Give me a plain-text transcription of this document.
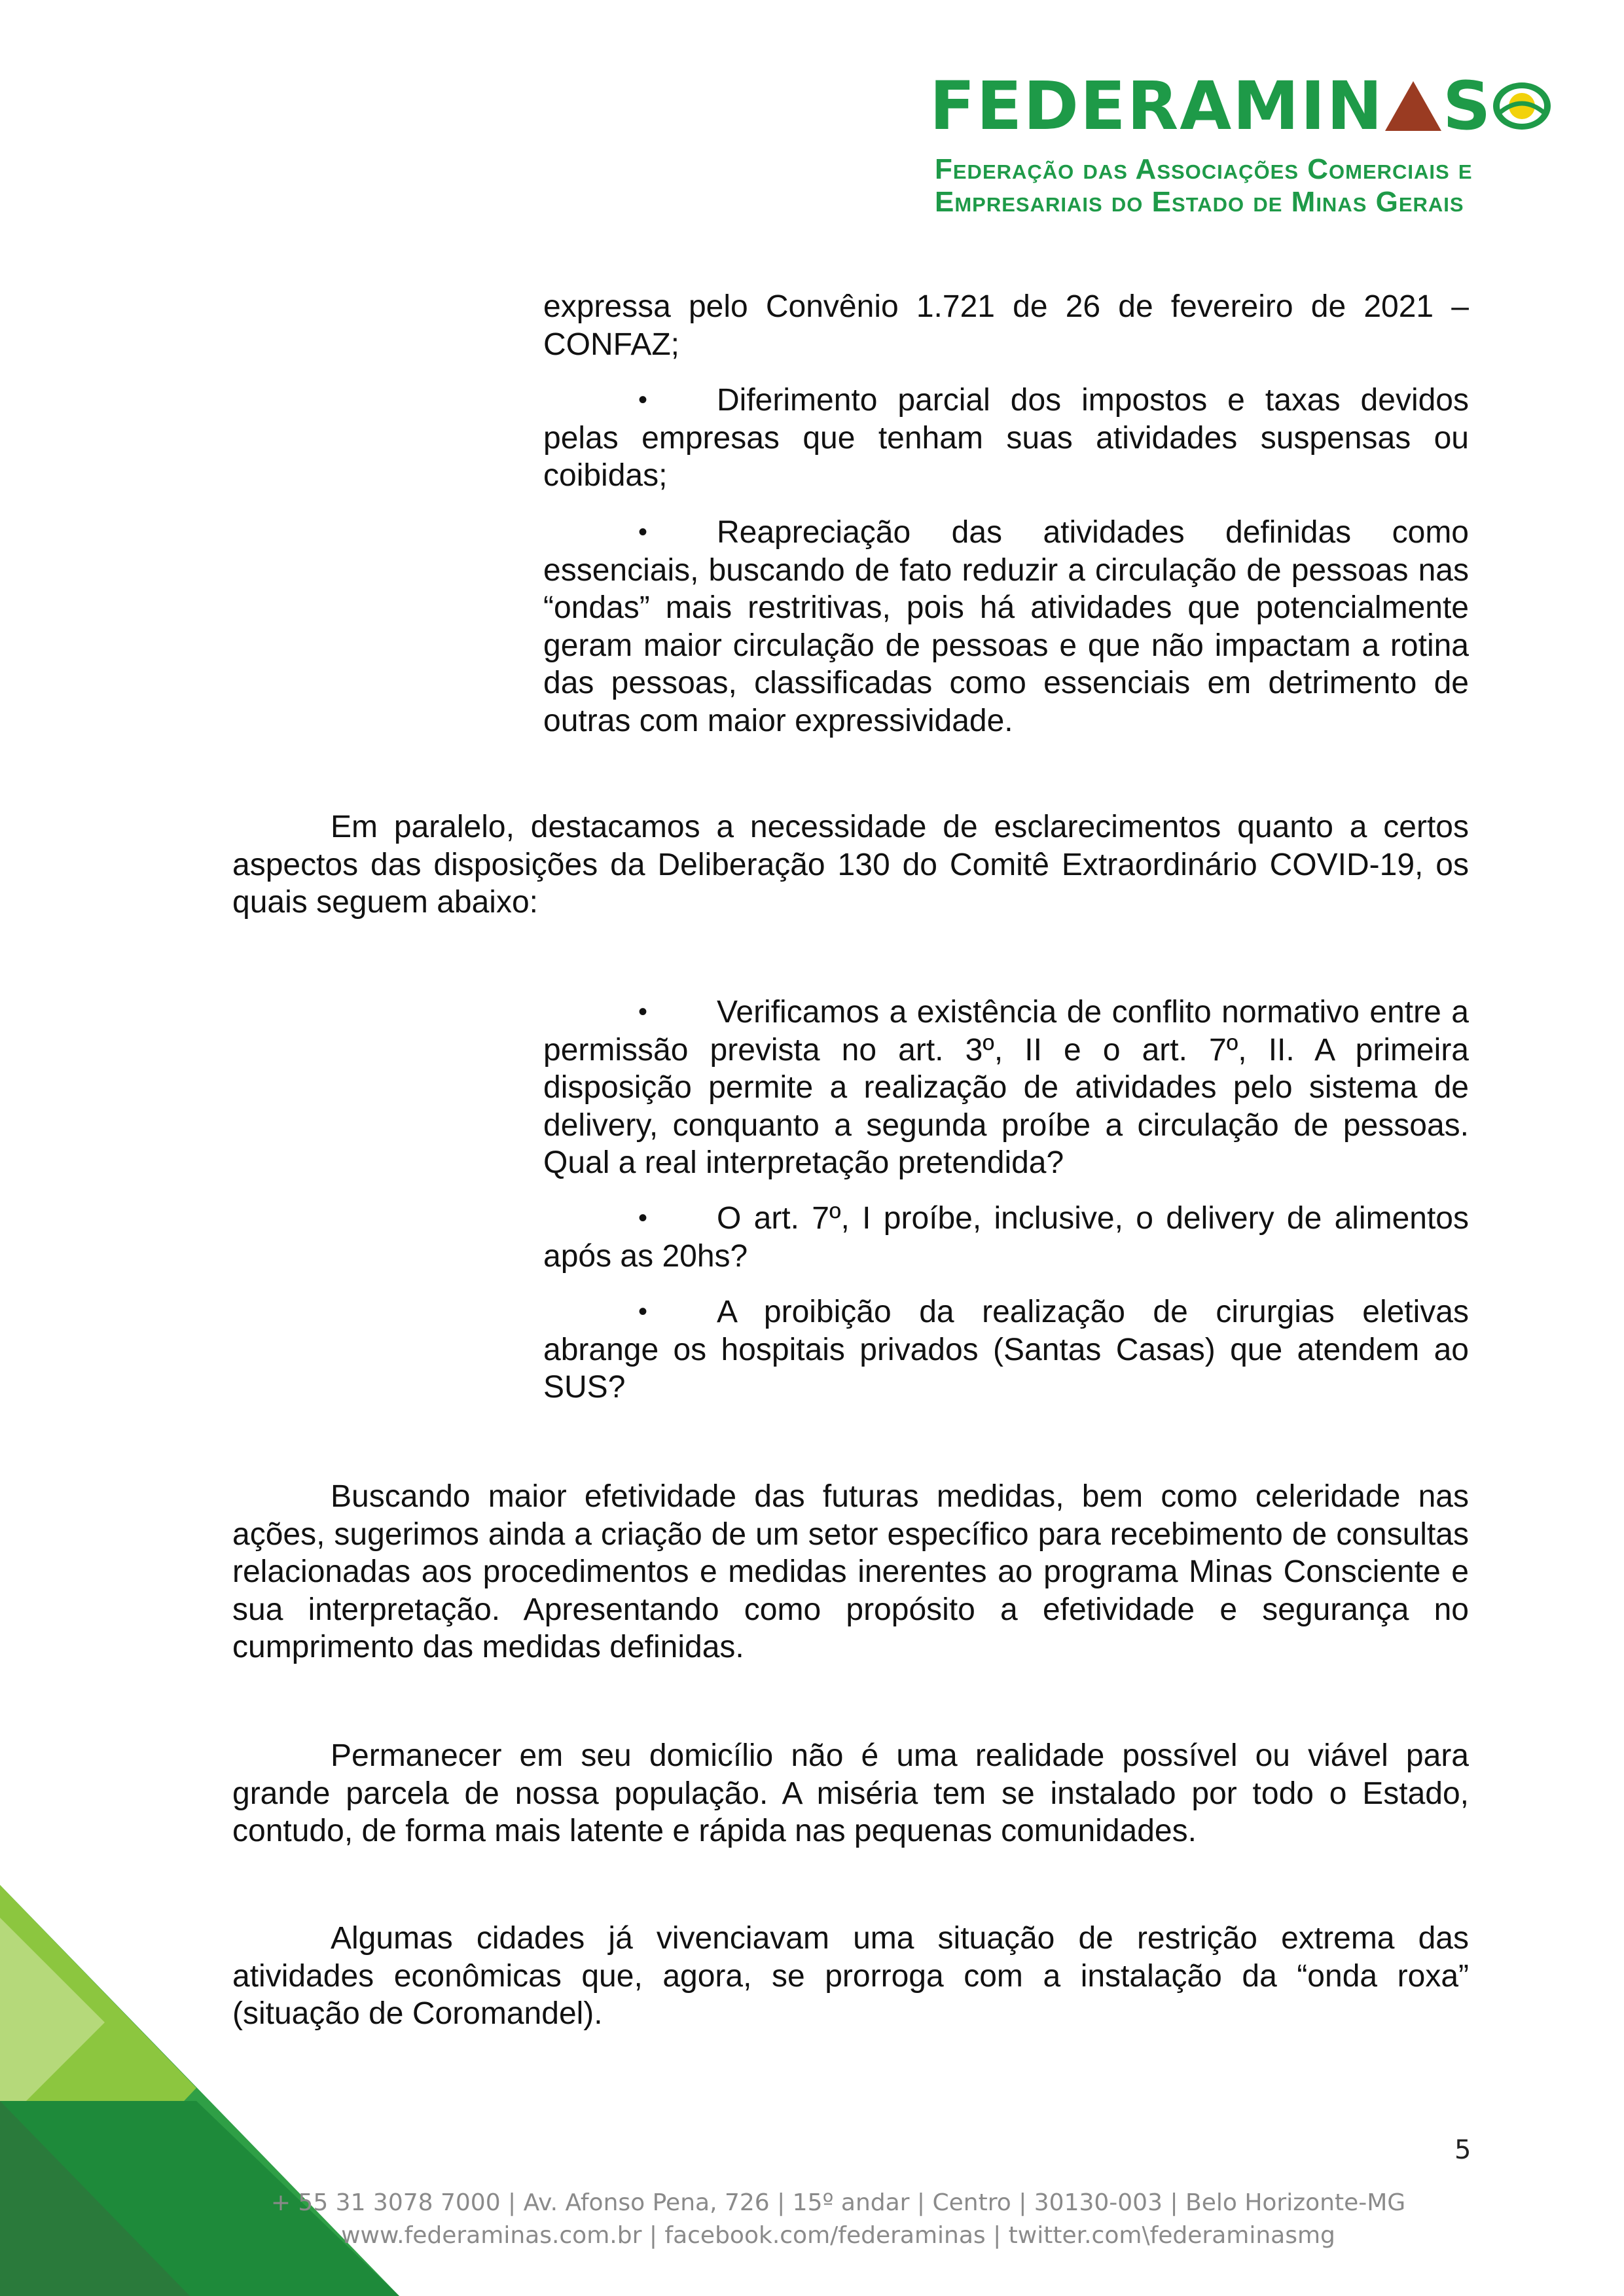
FEDERAMIN S
Federação das Associações Comerciais e
Empresariais do Estado de Minas Gerais

expressa pelo Convênio 1.721 de 26 de fevereiro de 2021 – CONFAZ;

•	Diferimento parcial dos impostos e taxas devidos pelas empresas que tenham suas atividades suspensas ou coibidas;

•	Reapreciação das atividades definidas como essenciais, buscando de fato reduzir a circulação de pessoas nas “ondas” mais restritivas, pois há atividades que potencialmente geram maior circulação de pessoas e que não impactam a rotina das pessoas, classificadas como essenciais em detrimento de outras com maior expressividade.

Em paralelo, destacamos a necessidade de esclarecimentos quanto a certos aspectos das disposições da Deliberação 130 do Comitê Extraordinário COVID-19, os quais seguem abaixo:

•	Verificamos a existência de conflito normativo entre a permissão prevista no art. 3º, II e o art. 7º, II. A primeira disposição permite a realização de atividades pelo sistema de delivery, conquanto a segunda proíbe a circulação de pessoas. Qual a real interpretação pretendida?

•	O art. 7º, I proíbe, inclusive, o delivery de alimentos após as 20hs?

•	A proibição da realização de cirurgias eletivas abrange os hospitais privados (Santas Casas) que atendem ao SUS?

Buscando maior efetividade das futuras medidas, bem como celeridade nas ações, sugerimos ainda a criação de um setor específico para recebimento de consultas relacionadas aos procedimentos e medidas inerentes ao programa Minas Consciente e sua interpretação. Apresentando como propósito a efetividade e segurança no cumprimento das medidas definidas.

Permanecer em seu domicílio não é uma realidade possível ou viável para grande parcela de nossa população. A miséria tem se instalado por todo o Estado, contudo, de forma mais latente e rápida nas pequenas comunidades.

Algumas cidades já vivenciavam uma situação de restrição extrema das atividades econômicas que, agora, se prorroga com a instalação da “onda roxa” (situação de Coromandel).

5
+ 55 31 3078 7000 | Av. Afonso Pena, 726 | 15º andar | Centro | 30130-003 | Belo Horizonte-MG
www.federaminas.com.br | facebook.com/federaminas | twitter.com\federaminasmg
